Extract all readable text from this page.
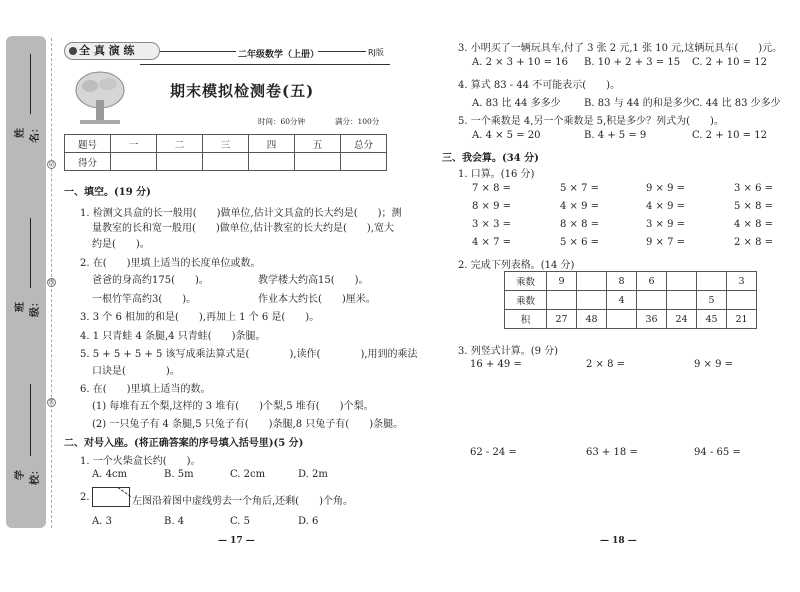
姓名：
班级：
学校：
切
线
装
全 真 演 练	二年级数学（上册）	RJ版
期末模拟检测卷(五)
时间：60分钟	满分：100分
题号	一	二	三	四	五	总分
得分						
一、填空。(19 分)
1. 检测文具盒的长一般用(　　)做单位,估计文具盒的长大约是(　　)；测
量教室的长和宽一般用(　　)做单位,估计教室的长大约是(　　),宽大
约是(　　)。
2. 在(　　)里填上适当的长度单位或数。
爸爸的身高约175(　　)。	教学楼大约高15(　　)。
一根竹竿高约3(　　)。	作业本大约长(　　)厘米。
3. 3 个 6 相加的和是(　　),再加上 1 个 6 是(　　)。
4. 1 只青蛙 4 条腿,4 只青蛙(　　)条腿。
5. 5 + 5 + 5 + 5 该写成乘法算式是(　　　　),读作(　　　　),用到的乘法
口诀是(　　　　)。
6. 在(　　)里填上适当的数。
(1) 每堆有五个梨,这样的 3 堆有(　　)个梨,5 堆有(　　)个梨。
(2) 一只兔子有 4 条腿,5 只兔子有(　　)条腿,8 只兔子有(　　)条腿。
二、对号入座。(将正确答案的序号填入括号里)(5 分)
1. 一个火柴盒长约(　　)。
A. 4cm	B. 5m	C. 2cm	D. 2m
2.	左图沿着图中虚线剪去一个角后,还剩(　　)个角。
A. 3	B. 4	C. 5	D. 6
— 17 —
3. 小明买了一辆玩具车,付了 3 张 2 元,1 张 10 元,这辆玩具车(　　)元。
A. 2 × 3 + 10 = 16 B. 10 + 2 + 3 = 15 C. 2 + 10 = 12
4. 算式 83 - 44 不可能表示(　　)。
A. 83 比 44 多多少 B. 83 与 44 的和是多少 C. 44 比 83 少多少
5. 一个乘数是 4,另一个乘数是 5,积是多少？列式为(　　)。
A. 4 × 5 = 20	B. 4 + 5 = 9	C. 2 + 10 = 12
三、我会算。(34 分)
1. 口算。(16 分)
7 × 8 =	5 × 7 =	9 × 9 =	3 × 6 =
8 × 9 =	4 × 9 =	4 × 9 =	5 × 8 =
3 × 3 =	8 × 8 =	3 × 9 =	4 × 8 =
4 × 7 =	5 × 6 =	9 × 7 =	2 × 8 =
2. 完成下列表格。(14 分)
乘数	9		8	6			3
乘数			4			5	
积	27	48		36	24	45	21
3. 列竖式计算。(9 分)
16 + 49 =	2 × 8 =	9 × 9 =
62 - 24 =	63 + 18 =	94 - 65 =
— 18 —
